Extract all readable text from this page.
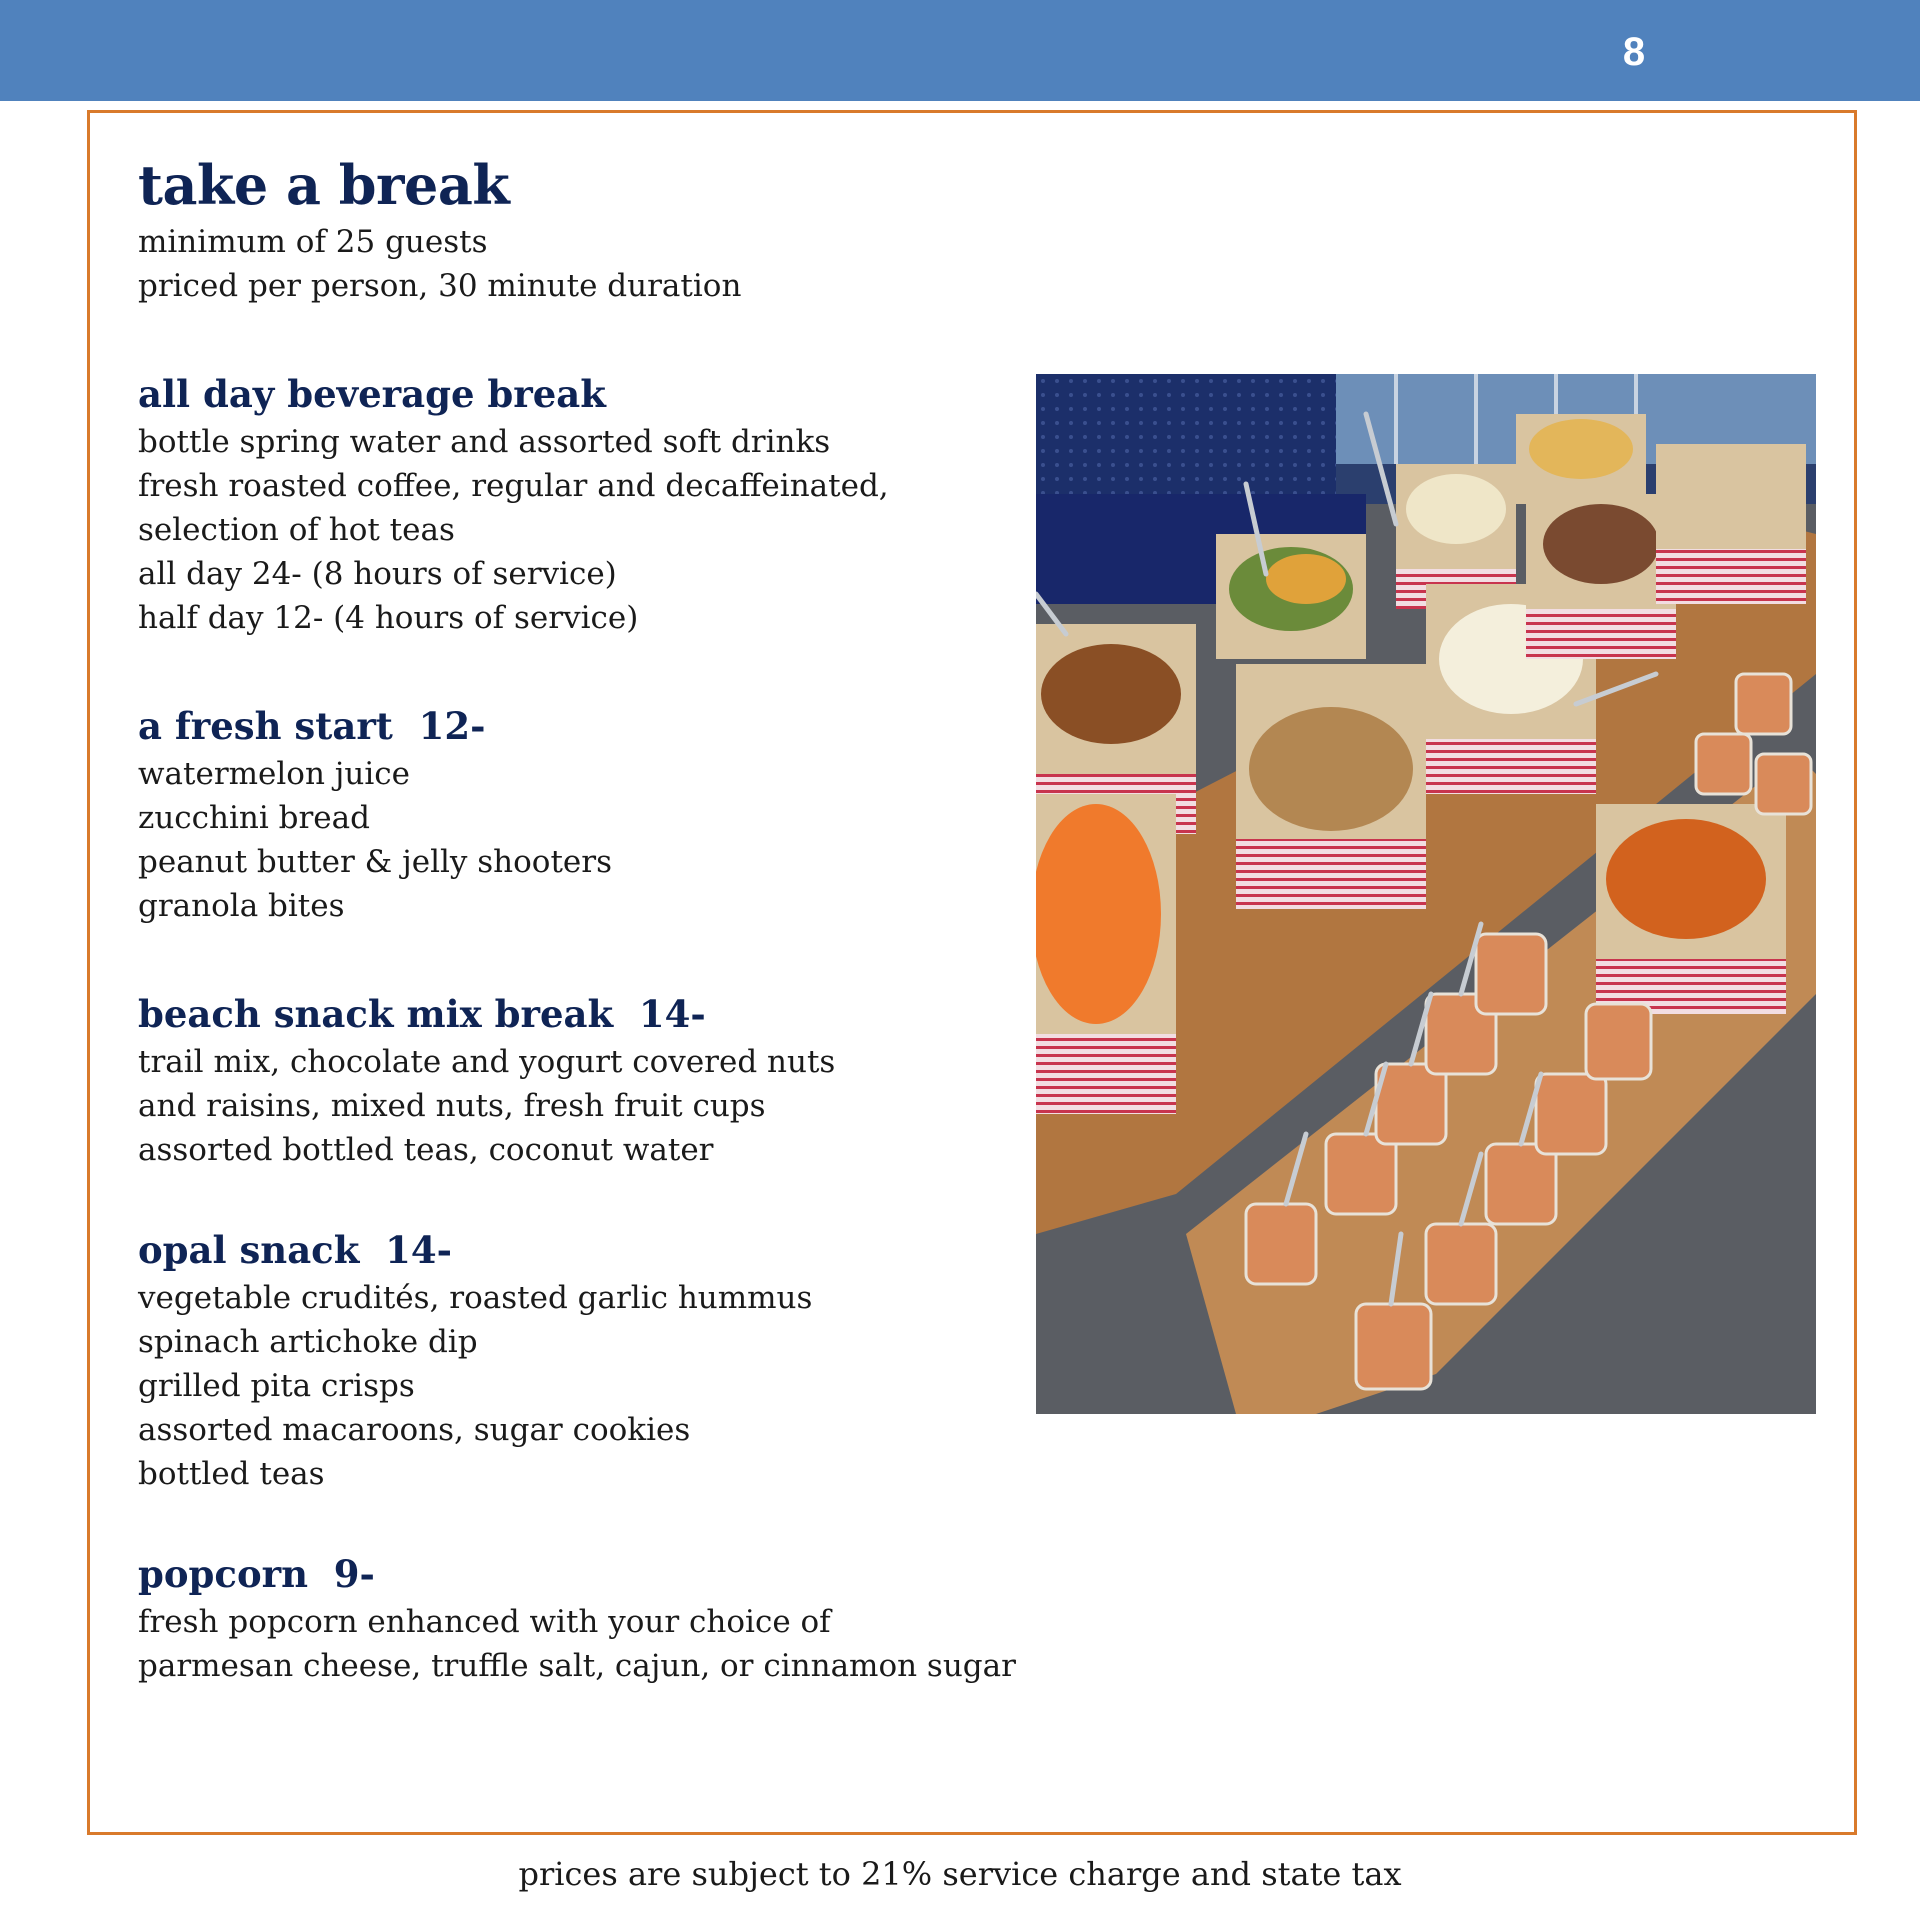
8
take a break

minimum of 25 guests

priced per person, 30 minute duration

all day beverage break

bottle spring water and assorted soft drinks

fresh roasted coffee, regular and decaffeinated,

selection of hot teas

all day 24- (8 hours of service)

half day 12- (4 hours of service)

a fresh start  12-

watermelon juice

zucchini bread

peanut butter & jelly shooters

granola bites

beach snack mix break  14-

trail mix, chocolate and yogurt covered nuts

and raisins, mixed nuts, fresh fruit cups

assorted bottled teas, coconut water

opal snack  14-

vegetable crudités, roasted garlic hummus

spinach artichoke dip

grilled pita crisps

assorted macaroons, sugar cookies

bottled teas

popcorn  9-

fresh popcorn enhanced with your choice of

parmesan cheese, truffle salt, cajun, or cinnamon sugar

prices are subject to 21% service charge and state tax
